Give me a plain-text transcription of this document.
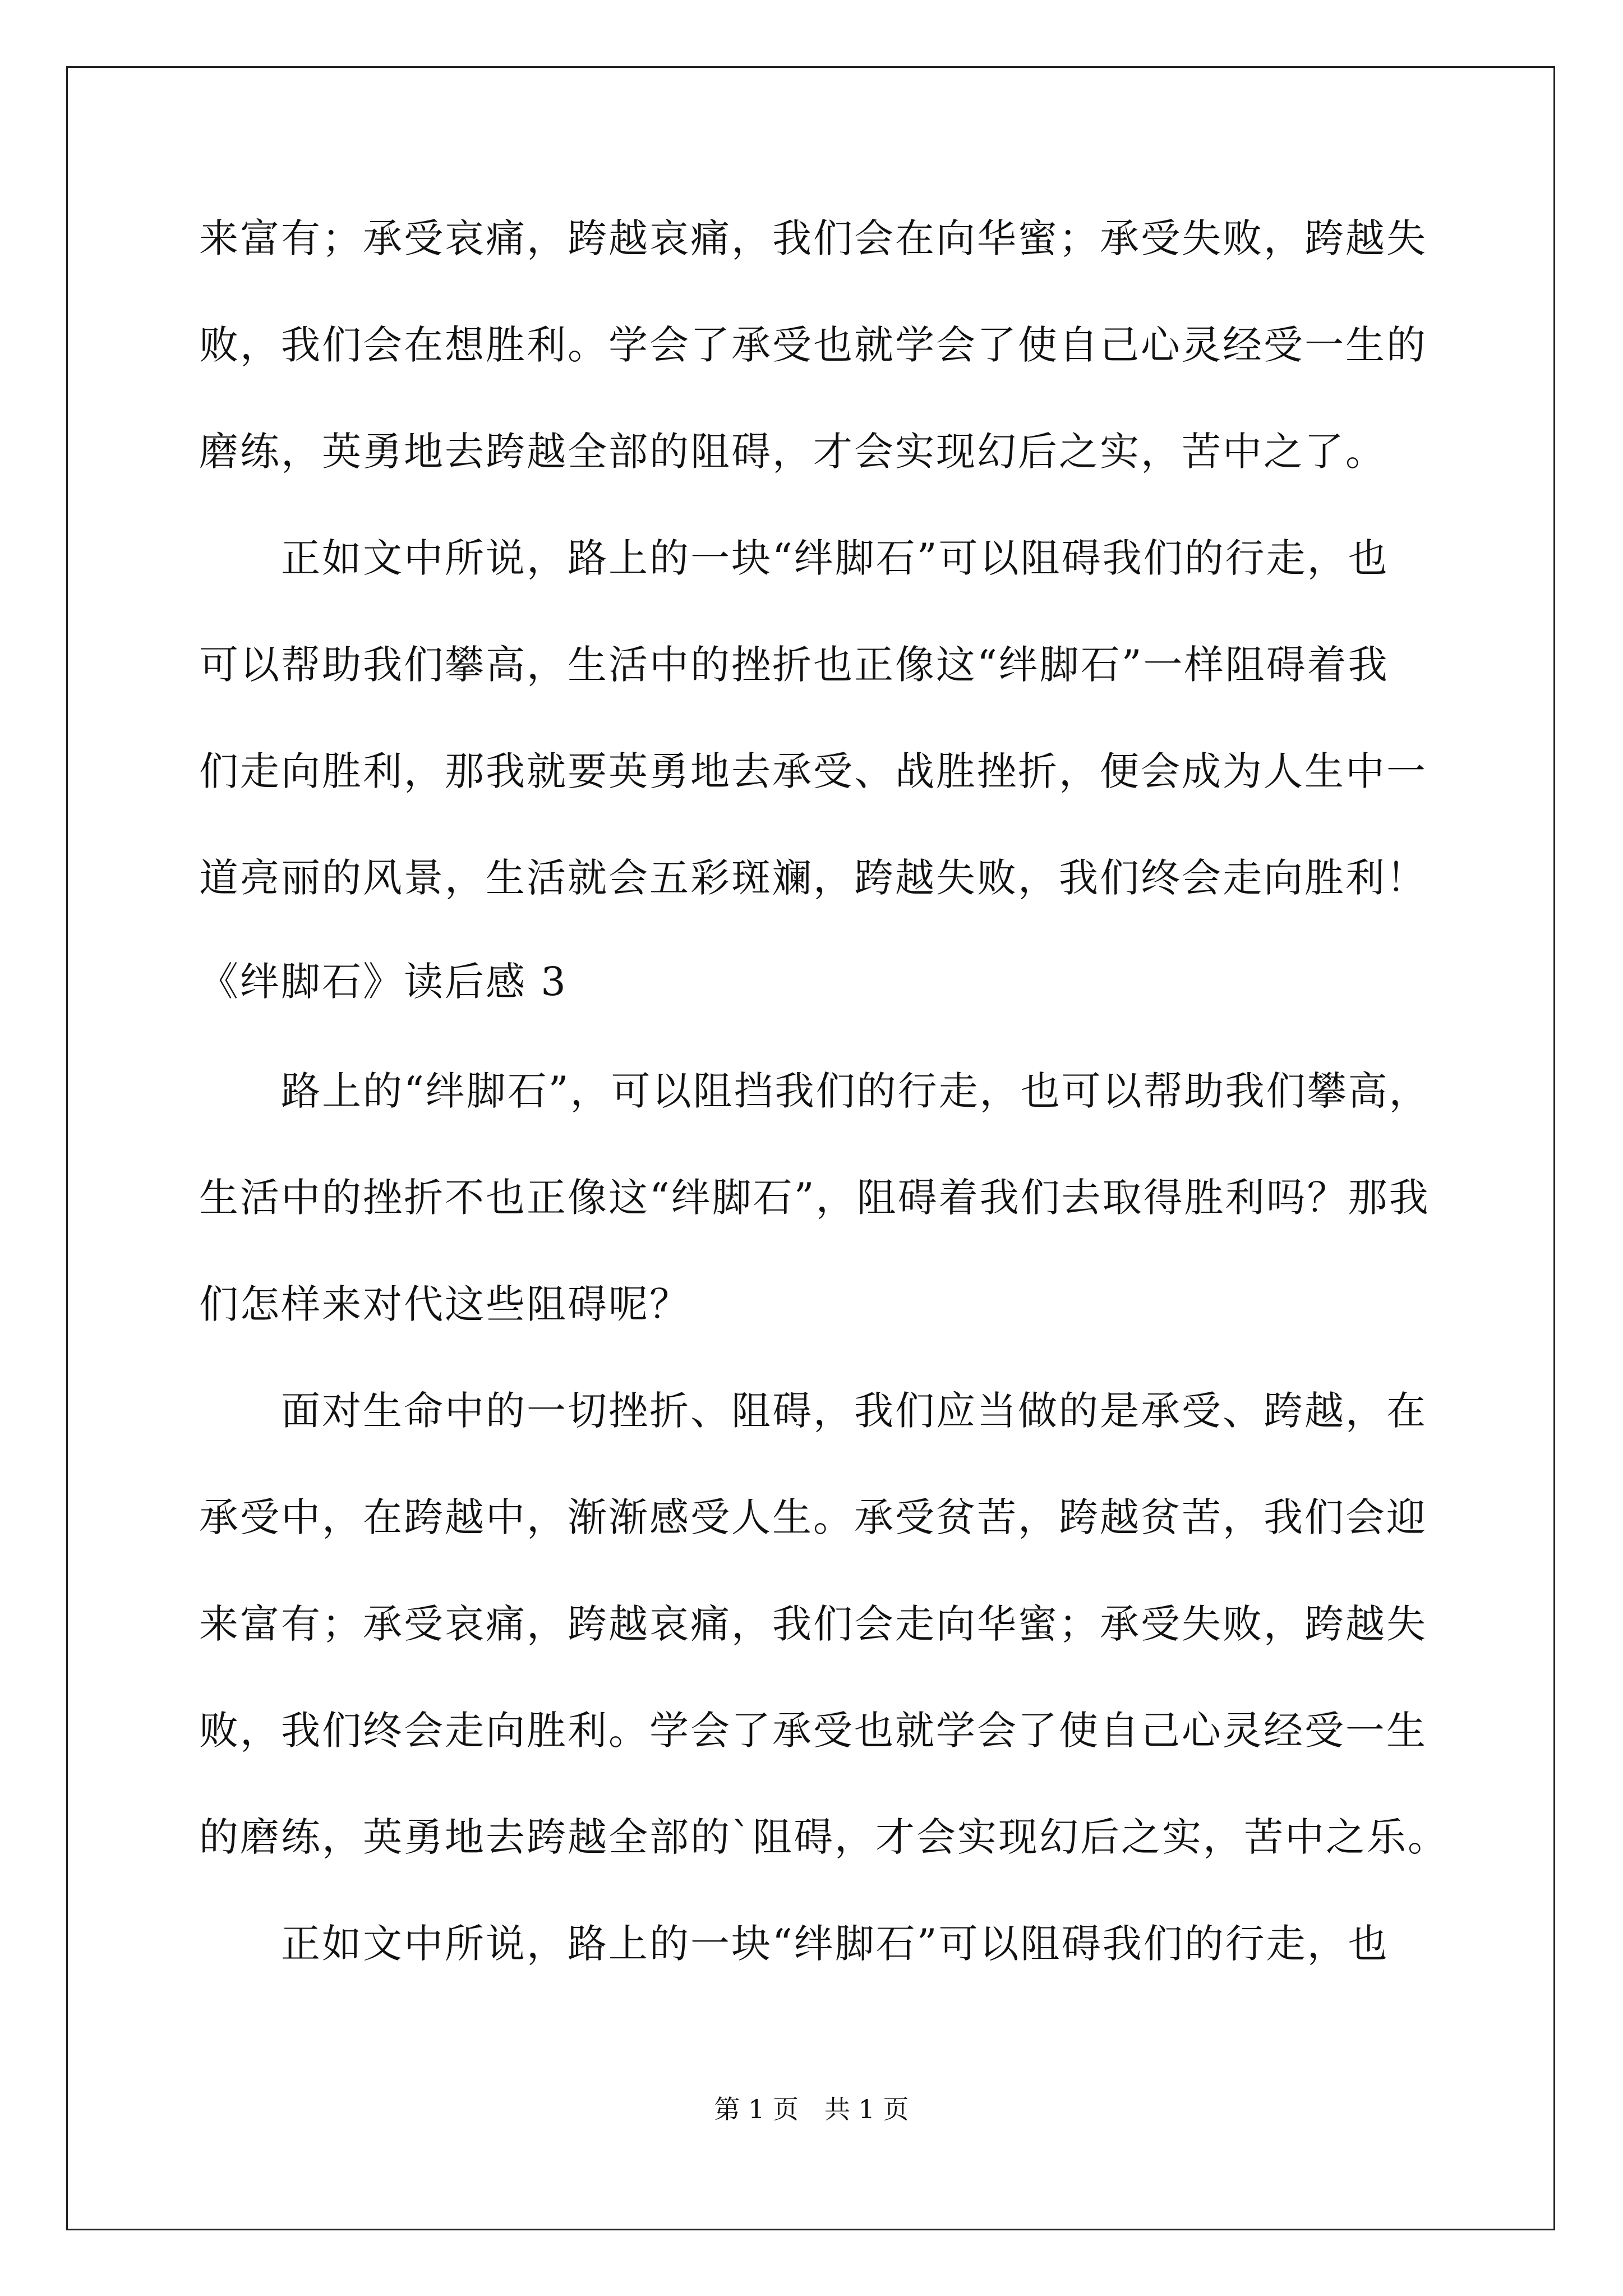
来富有；承受哀痛，跨越哀痛，我们会在向华蜜；承受失败，跨越失
败，我们会在想胜利。学会了承受也就学会了使自己心灵经受一生的
磨练，英勇地去跨越全部的阻碍，才会实现幻后之实，苦中之了。
　　正如文中所说，路上的一块“绊脚石”可以阻碍我们的行走，也
可以帮助我们攀高，生活中的挫折也正像这“绊脚石”一样阻碍着我
们走向胜利，那我就要英勇地去承受、战胜挫折，便会成为人生中一
道亮丽的风景，生活就会五彩斑斓，跨越失败，我们终会走向胜利！
《绊脚石》读后感 3
　　路上的“绊脚石”，可以阻挡我们的行走，也可以帮助我们攀高，
生活中的挫折不也正像这“绊脚石”，阻碍着我们去取得胜利吗？那我
们怎样来对代这些阻碍呢？
　　面对生命中的一切挫折、阻碍，我们应当做的是承受、跨越，在
承受中，在跨越中，渐渐感受人生。承受贫苦，跨越贫苦，我们会迎
来富有；承受哀痛，跨越哀痛，我们会走向华蜜；承受失败，跨越失
败，我们终会走向胜利。学会了承受也就学会了使自己心灵经受一生
的磨练，英勇地去跨越全部的`阻碍，才会实现幻后之实，苦中之乐。
　　正如文中所说，路上的一块“绊脚石”可以阻碍我们的行走，也
第 1 页　共 1 页
